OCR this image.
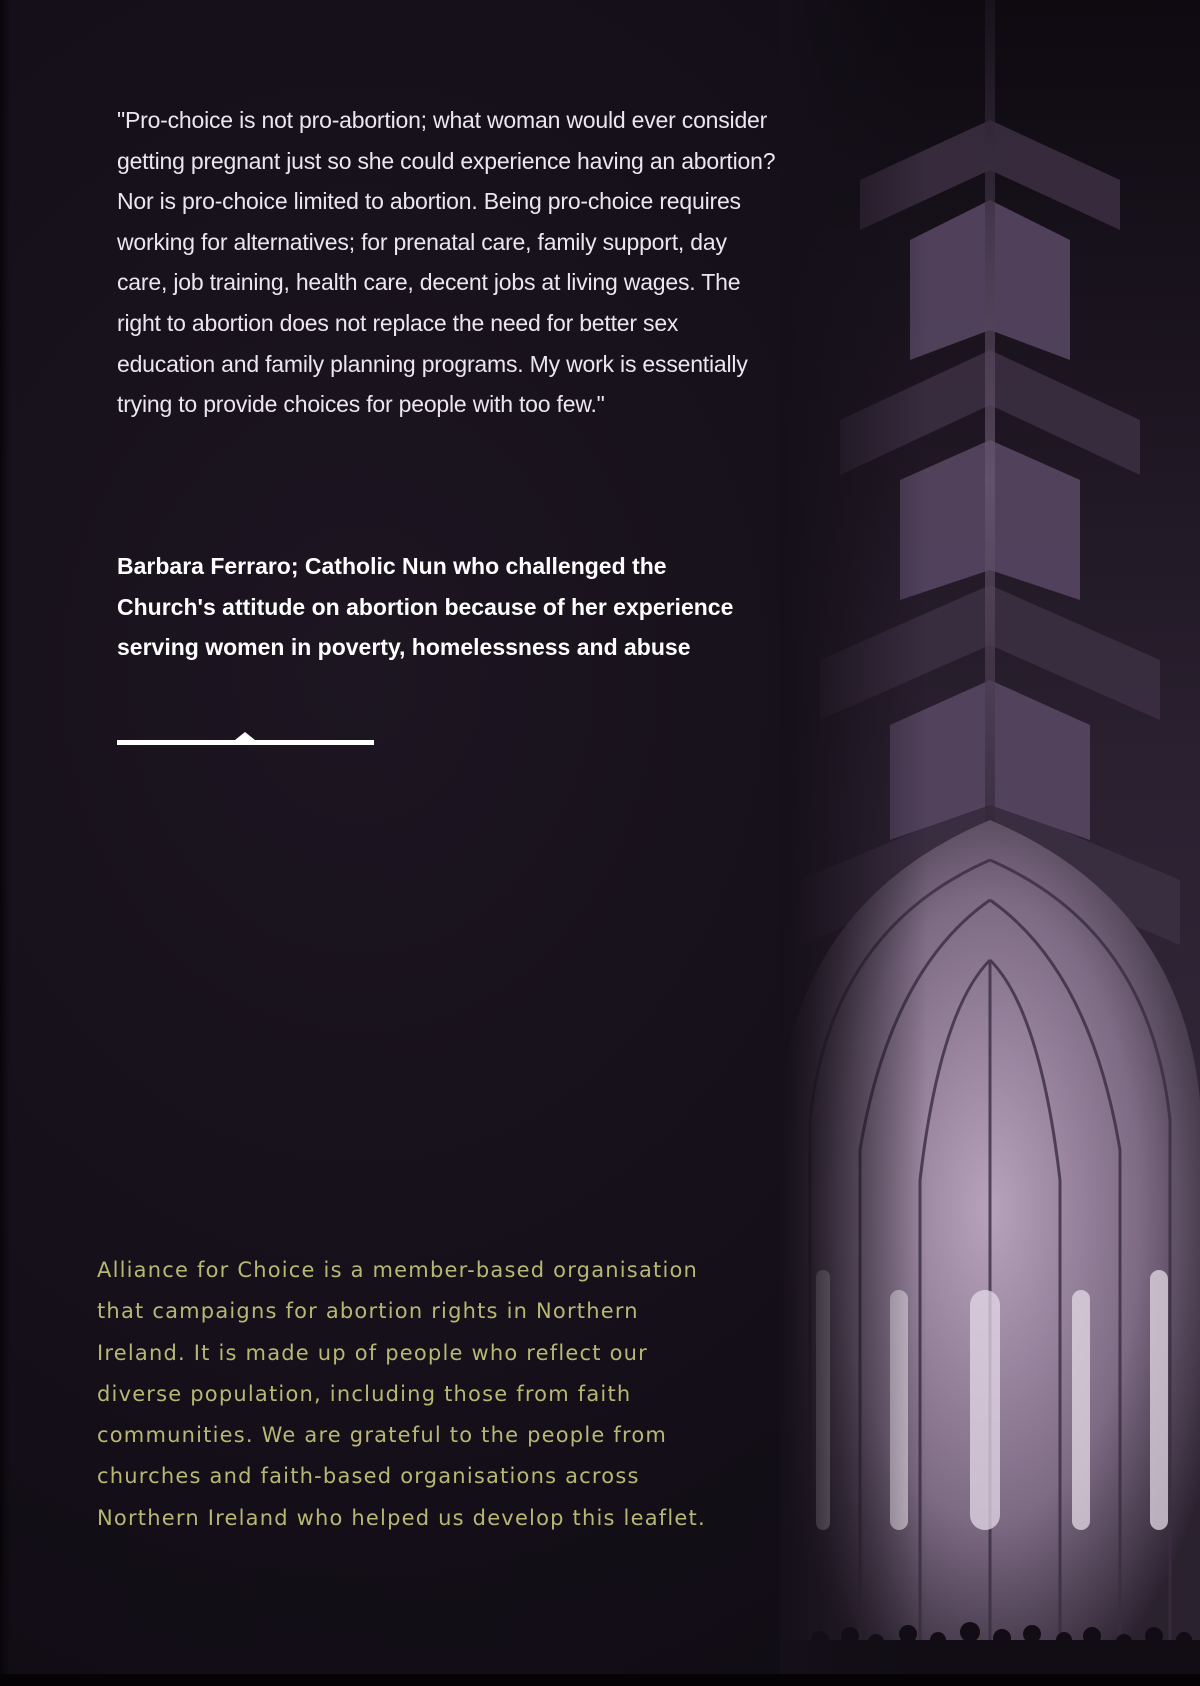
"Pro-choice is not pro-abortion; what woman would ever consider getting pregnant just so she could experience having an abortion? Nor is pro-choice limited to abortion. Being pro-choice requires working for alternatives; for prenatal care, family support, day care, job training, health care, decent jobs at living wages. The right to abortion does not replace the need for better sex education and family planning programs. My work is essentially trying to provide choices for people with too few."

Barbara Ferraro; Catholic Nun who challenged the Church's attitude on abortion because of her experience serving women in poverty, homelessness and abuse

Alliance for Choice is a member-based organisation
that campaigns for abortion rights in Northern
Ireland. It is made up of people who reflect our
diverse population, including those from faith
communities. We are grateful to the people from
churches and faith-based organisations across
Northern Ireland who helped us develop this leaflet.
